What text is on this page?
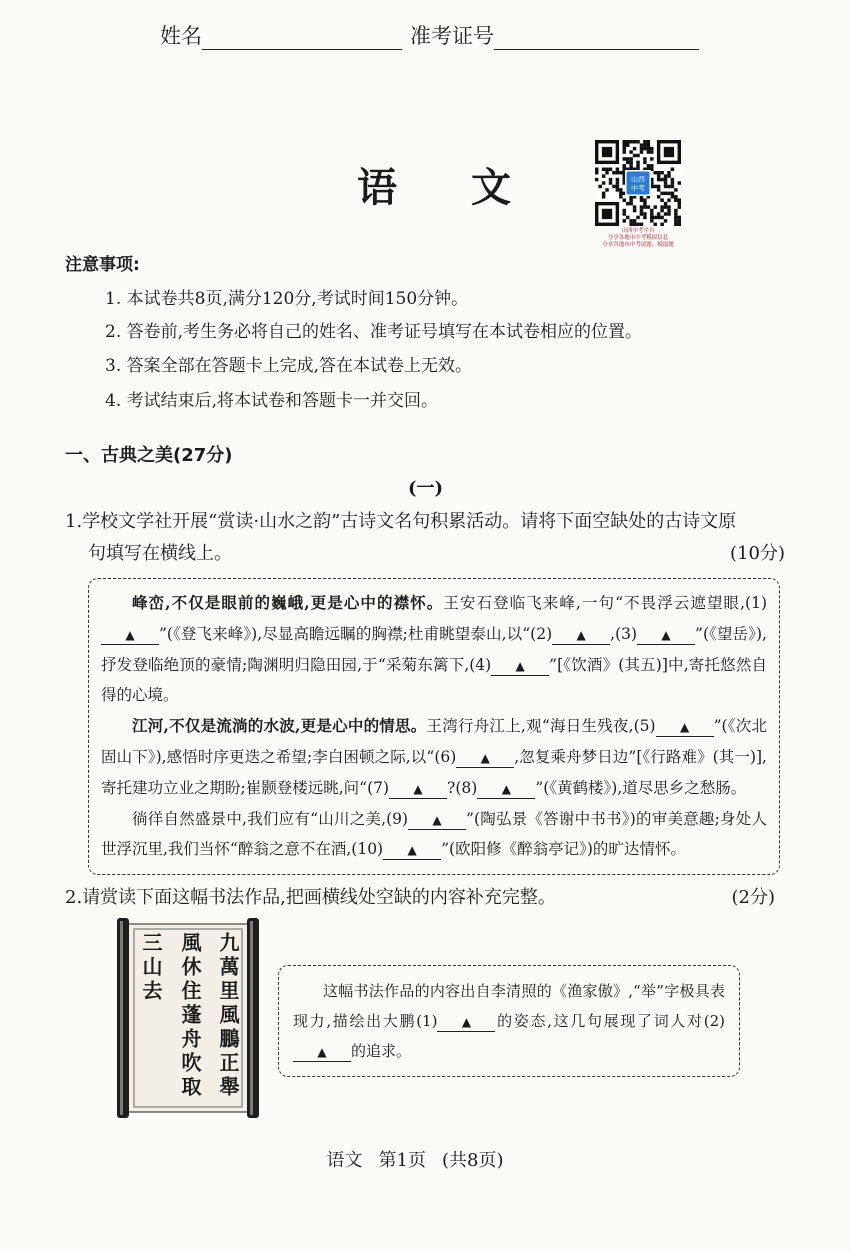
姓名	准考证号
语 文	山西
中考
山西中考平台
分享各地市中考模拟信息
分享各地市中考试题、模拟题
注意事项:
1. 本试卷共8页,满分120分,考试时间150分钟。
2. 答卷前,考生务必将自己的姓名、准考证号填写在本试卷相应的位置。
3. 答案全部在答题卡上完成,答在本试卷上无效。
4. 考试结束后,将本试卷和答题卡一并交回。
一、古典之美(27分)
(一)
1.学校文学社开展“赏读·山水之韵”古诗文名句积累活动。请将下面空缺处的古诗文原
句填写在横线上。	(10分)

峰峦,不仅是眼前的巍峨,更是心中的襟怀。王安石登临飞来峰,一句“不畏浮云遮望眼,(1)▲ ”(《登飞来峰》),尽显高瞻远瞩的胸襟;杜甫眺望泰山,以“(2) ▲ ,(3) ▲ ”(《望岳》),抒发登临绝顶的豪情;陶渊明归隐田园,于“采菊东篱下,(4) ▲ ”[《饮酒》(其五)]中,寄托悠然自得的心境。

江河,不仅是流淌的水波,更是心中的情思。王湾行舟江上,观“海日生残夜,(5) ▲ ”(《次北固山下》),感悟时序更迭之希望;李白困顿之际,以“(6) ▲ ,忽复乘舟梦日边”[《行路难》(其一)],寄托建功立业之期盼;崔颢登楼远眺,问“(7) ▲ ?(8) ▲ ”(《黄鹤楼》),道尽思乡之愁肠。

徜徉自然盛景中,我们应有“山川之美,(9) ▲ ”(陶弘景《答谢中书书》)的审美意趣;身处人世浮沉里,我们当怀“醉翁之意不在酒,(10) ▲ ”(欧阳修《醉翁亭记》)的旷达情怀。

2.请赏读下面这幅书法作品,把画横线处空缺的内容补充完整。	(2分)
九萬里風鵬正舉
風休住蓬舟吹取
三山去	这幅书法作品的内容出自李清照的《渔家傲》,“举”字极具表现力,描绘出大鹏(1) ▲ 的姿态,这几句展现了词人对(2)▲ 的追求。
语文 第1页 (共8页)
